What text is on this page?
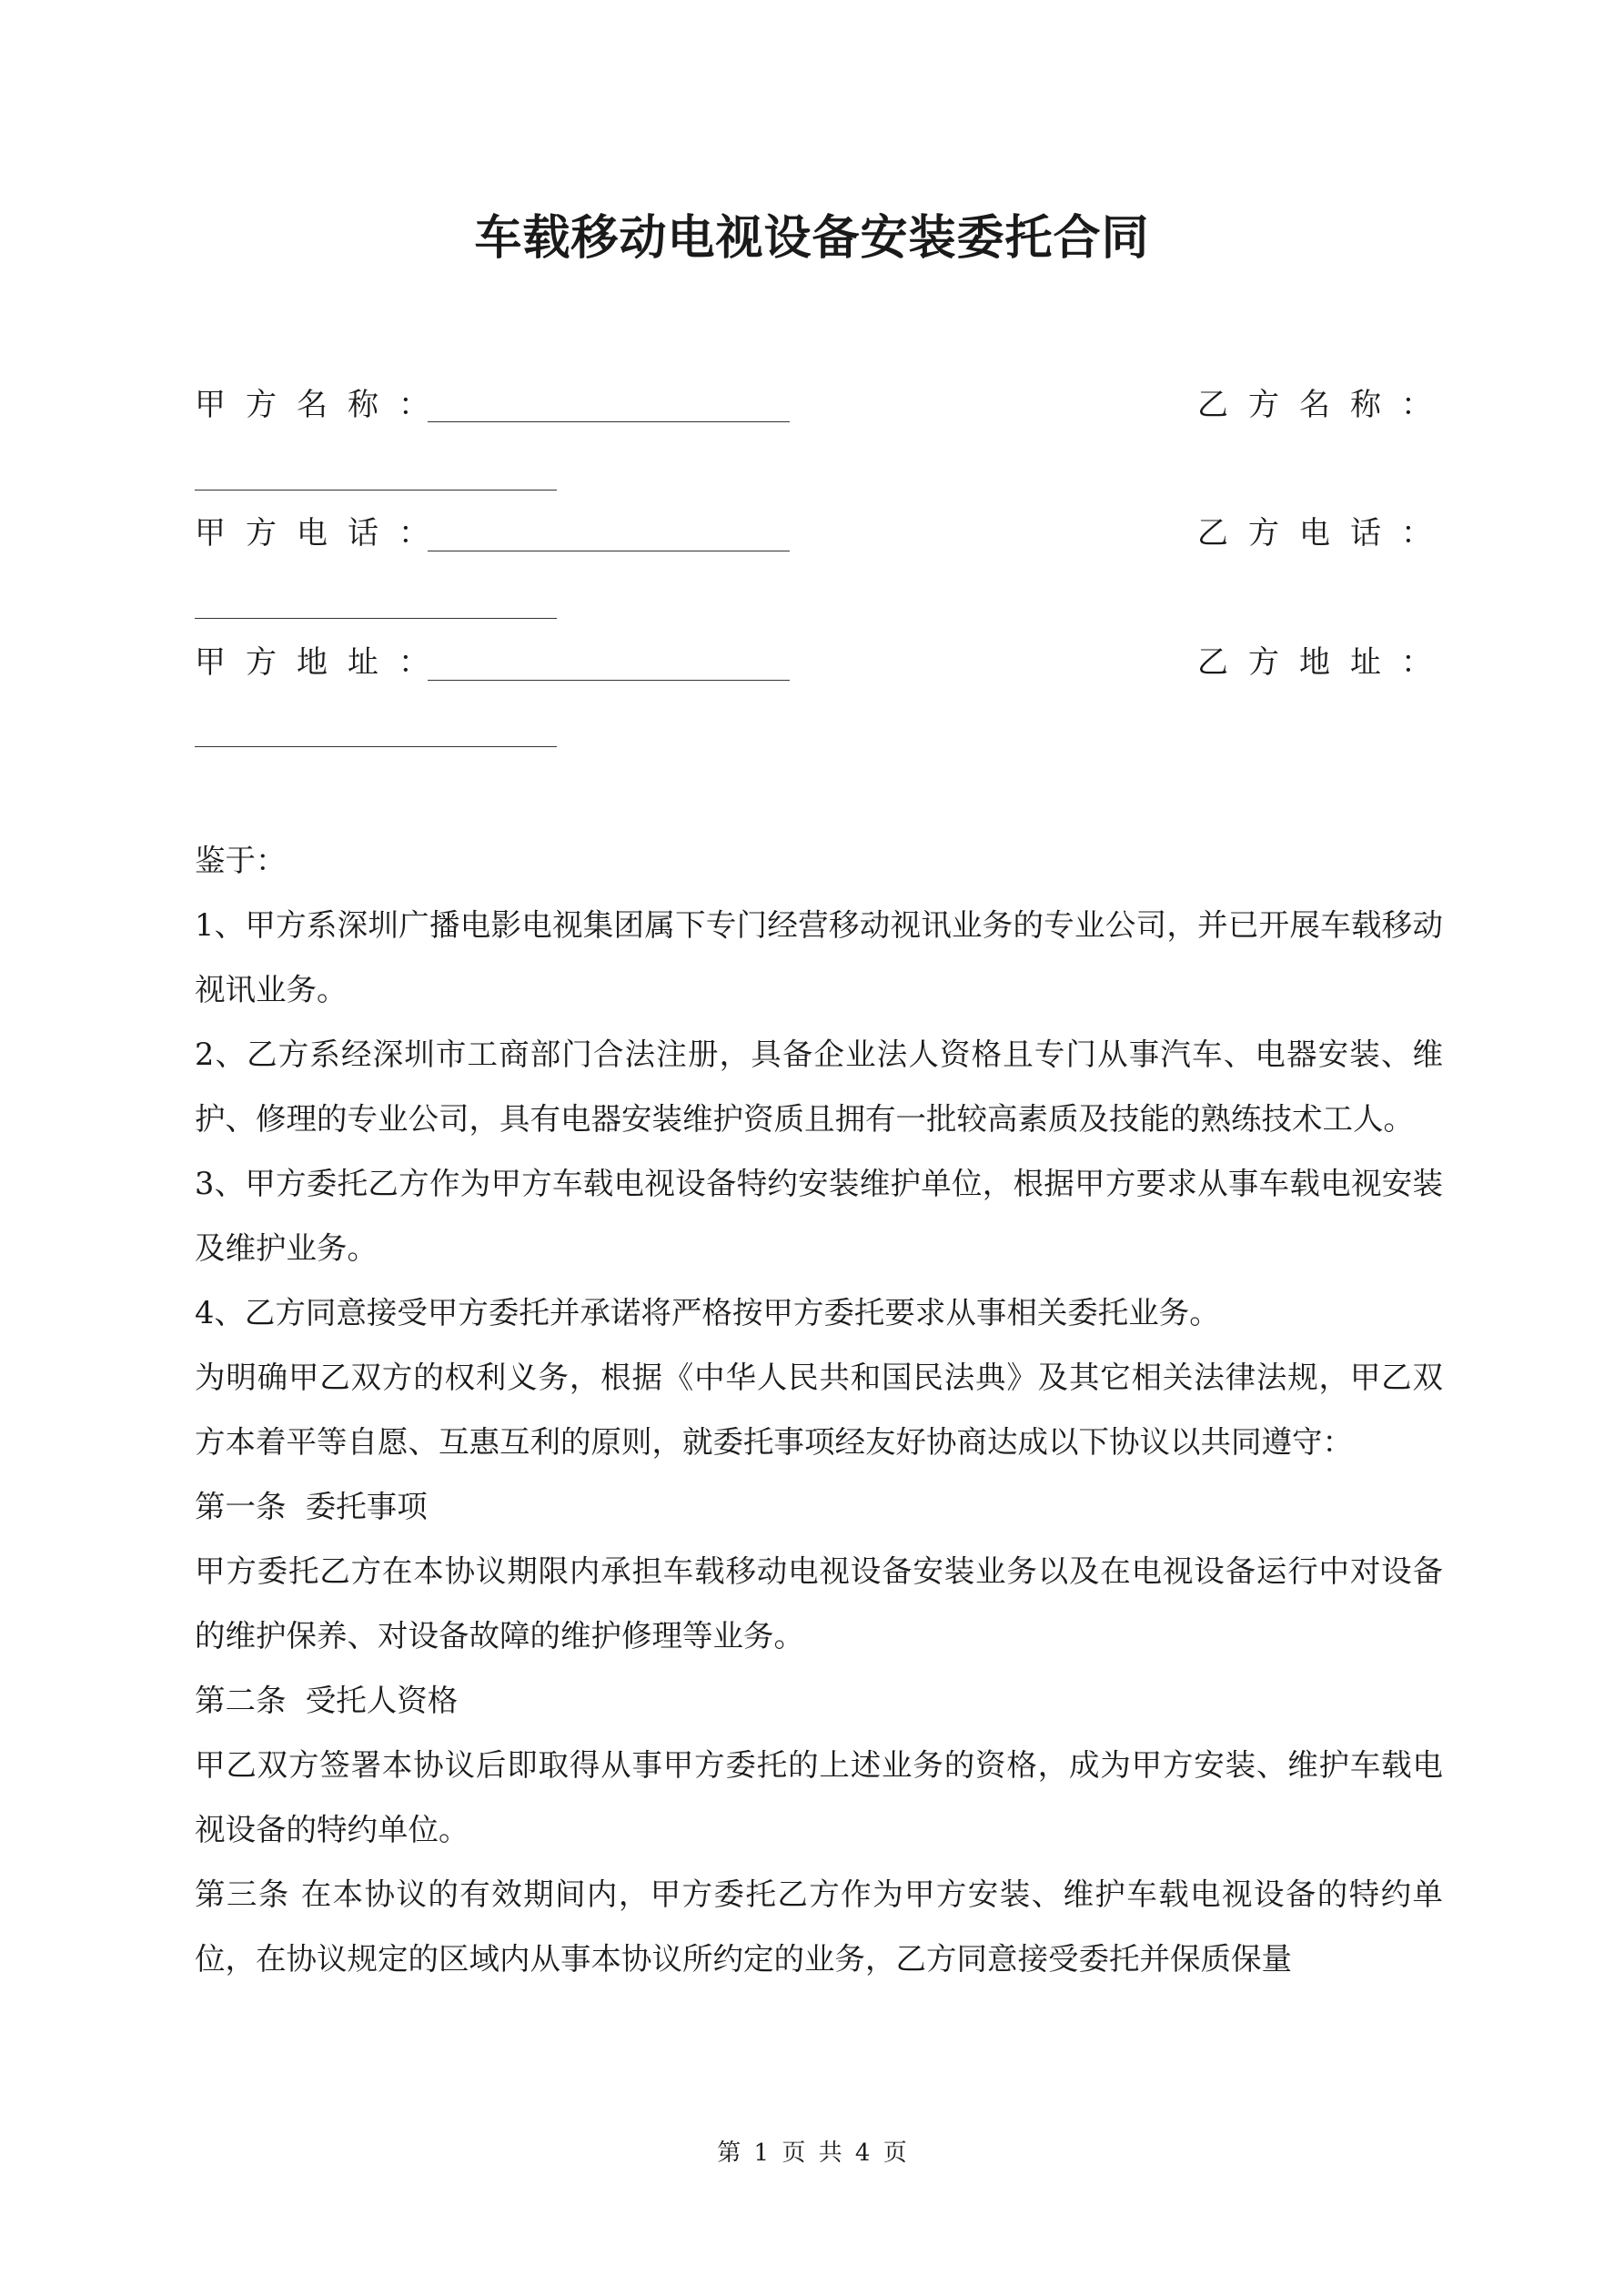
车载移动电视设备安装委托合同
甲方名称：	乙方名称：
甲方电话：	乙方电话：
甲方地址：	乙方地址：

鉴于：

1、甲方系深圳广播电影电视集团属下专门经营移动视讯业务的专业公司，并已开展车载移动视讯业务。

2、乙方系经深圳市工商部门合法注册，具备企业法人资格且专门从事汽车、电器安装、维护、修理的专业公司，具有电器安装维护资质且拥有一批较高素质及技能的熟练技术工人。

3、甲方委托乙方作为甲方车载电视设备特约安装维护单位，根据甲方要求从事车载电视安装及维护业务。

4、乙方同意接受甲方委托并承诺将严格按甲方委托要求从事相关委托业务。

为明确甲乙双方的权利义务，根据《中华人民共和国民法典》及其它相关法律法规，甲乙双方本着平等自愿、互惠互利的原则，就委托事项经友好协商达成以下协议以共同遵守：

第一条  委托事项

甲方委托乙方在本协议期限内承担车载移动电视设备安装业务以及在电视设备运行中对设备的维护保养、对设备故障的维护修理等业务。

第二条  受托人资格

甲乙双方签署本协议后即取得从事甲方委托的上述业务的资格，成为甲方安装、维护车载电视设备的特约单位。

第三条 在本协议的有效期间内，甲方委托乙方作为甲方安装、维护车载电视设备的特约单位，在协议规定的区域内从事本协议所约定的业务，乙方同意接受委托并保质保量

第 1 页 共 4 页
